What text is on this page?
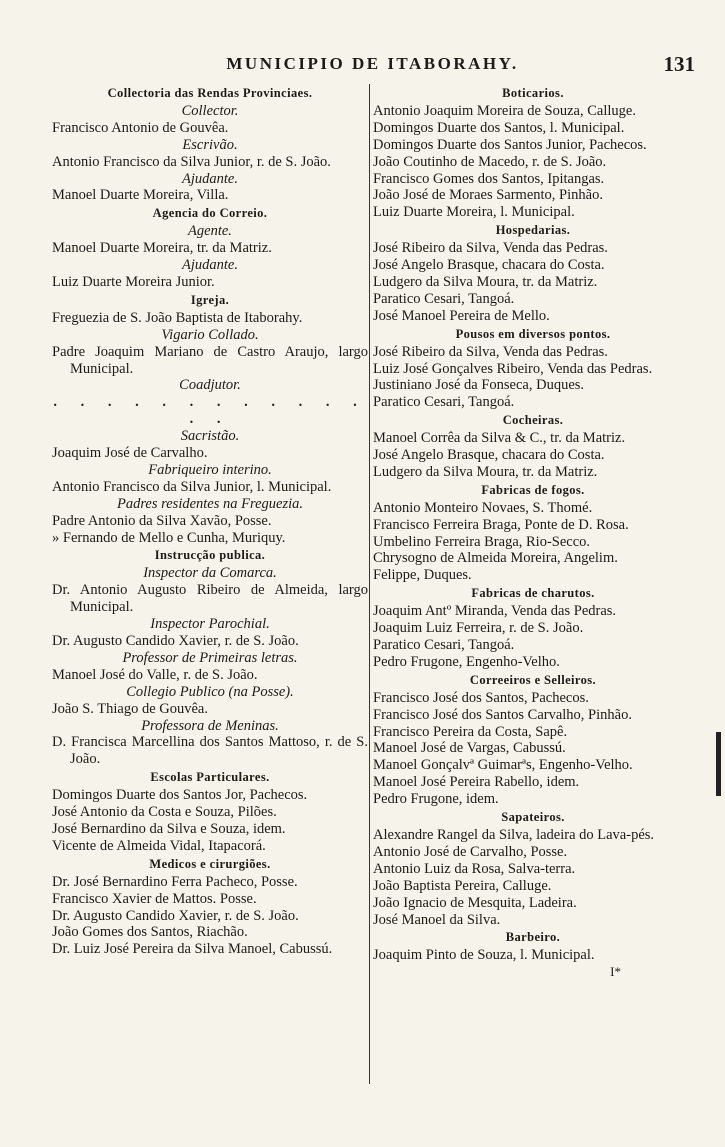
MUNICIPIO DE ITABORAHY.	131
Collectoria das Rendas Provinciaes.
Collector.
Francisco Antonio de Gouvêa.
Escrivão.
Antonio Francisco da Silva Junior, r. de S. João.
Ajudante.
Manoel Duarte Moreira, Villa.
Agencia do Correio.
Agente.
Manoel Duarte Moreira, tr. da Matriz.
Ajudante.
Luiz Duarte Moreira Junior.
Igreja.
Freguezia de S. João Baptista de Itaborahy.
Vigario Collado.
Padre Joaquim Mariano de Castro Araujo, largo Municipal.
Coadjutor.
. . . . . . . . . . . . . .
Sacristão.
Joaquim José de Carvalho.
Fabriqueiro interino.
Antonio Francisco da Silva Junior, l. Municipal.
Padres residentes na Freguezia.
Padre Antonio da Silva Xavão, Posse.
» Fernando de Mello e Cunha, Muriquy.
Instrucção publica.
Inspector da Comarca.
Dr. Antonio Augusto Ribeiro de Almeida, largo Municipal.
Inspector Parochial.
Dr. Augusto Candido Xavier, r. de S. João.
Professor de Primeiras letras.
Manoel José do Valle, r. de S. João.
Collegio Publico (na Posse).
João S. Thiago de Gouvêa.
Professora de Meninas.
D. Francisca Marcellina dos Santos Mattoso, r. de S. João.
Escolas Particulares.
Domingos Duarte dos Santos Jor, Pachecos.
José Antonio da Costa e Souza, Pilões.
José Bernardino da Silva e Souza, idem.
Vicente de Almeida Vidal, Itapacorá.
Medicos e cirurgiões.
Dr. José Bernardino Ferra Pacheco, Posse.
Francisco Xavier de Mattos. Posse.
Dr. Augusto Candido Xavier, r. de S. João.
João Gomes dos Santos, Riachão.
Dr. Luiz José Pereira da Silva Manoel, Cabussú.
Boticarios.
Antonio Joaquim Moreira de Souza, Calluge.
Domingos Duarte dos Santos, l. Municipal.
Domingos Duarte dos Santos Junior, Pachecos.
João Coutinho de Macedo, r. de S. João.
Francisco Gomes dos Santos, Ipitangas.
João José de Moraes Sarmento, Pinhão.
Luiz Duarte Moreira, l. Municipal.
Hospedarias.
José Ribeiro da Silva, Venda das Pedras.
José Angelo Brasque, chacara do Costa.
Ludgero da Silva Moura, tr. da Matriz.
Paratico Cesari, Tangoá.
José Manoel Pereira de Mello.
Pousos em diversos pontos.
José Ribeiro da Silva, Venda das Pedras.
Luiz José Gonçalves Ribeiro, Venda das Pedras.
Justiniano José da Fonseca, Duques.
Paratico Cesari, Tangoá.
Cocheiras.
Manoel Corrêa da Silva & C., tr. da Matriz.
José Angelo Brasque, chacara do Costa.
Ludgero da Silva Moura, tr. da Matriz.
Fabricas de fogos.
Antonio Monteiro Novaes, S. Thomé.
Francisco Ferreira Braga, Ponte de D. Rosa.
Umbelino Ferreira Braga, Rio-Secco.
Chrysogno de Almeida Moreira, Angelim.
Felippe, Duques.
Fabricas de charutos.
Joaquim Antº Miranda, Venda das Pedras.
Joaquim Luiz Ferreira, r. de S. João.
Paratico Cesari, Tangoá.
Pedro Frugone, Engenho-Velho.
Correeiros e Selleiros.
Francisco José dos Santos, Pachecos.
Francisco José dos Santos Carvalho, Pinhão.
Francisco Pereira da Costa, Sapê.
Manoel José de Vargas, Cabussú.
Manoel Gonçalvª Guimarªs, Engenho-Velho.
Manoel José Pereira Rabello, idem.
Pedro Frugone, idem.
Sapateiros.
Alexandre Rangel da Silva, ladeira do Lava-pés.
Antonio José de Carvalho, Posse.
Antonio Luiz da Rosa, Salva-terra.
João Baptista Pereira, Calluge.
João Ignacio de Mesquita, Ladeira.
José Manoel da Silva.
Barbeiro.
Joaquim Pinto de Souza, l. Municipal.
I*
